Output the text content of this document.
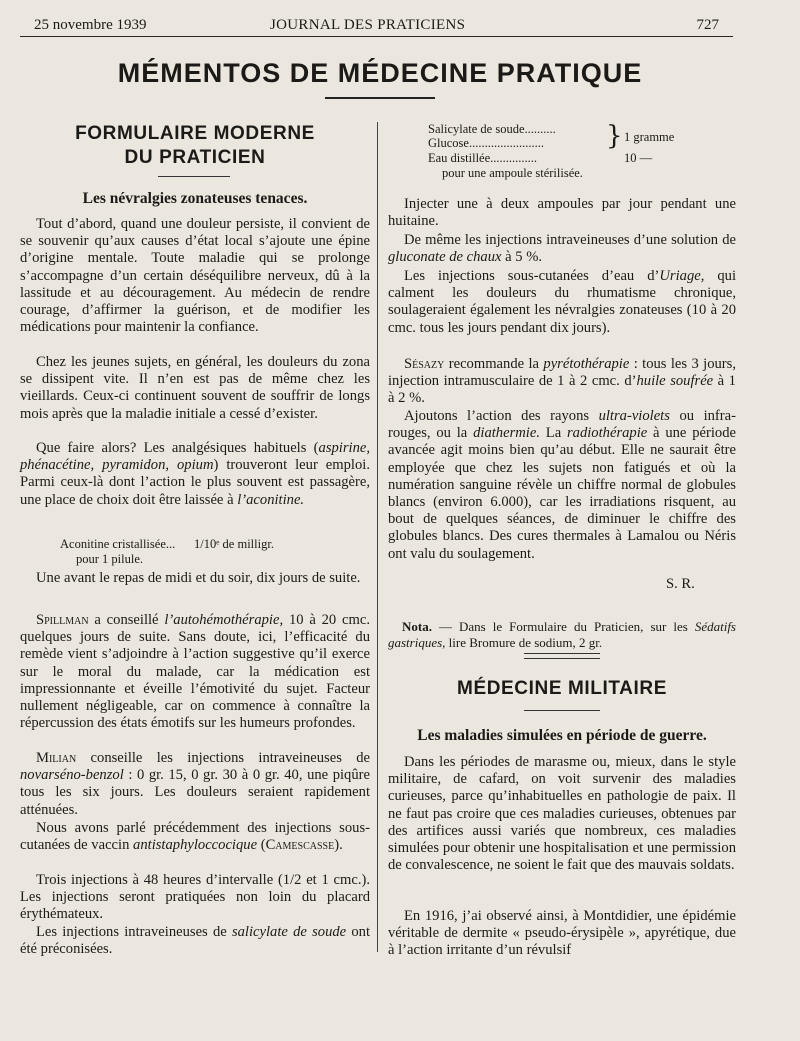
25 novembre 1939	JOURNAL DES PRATICIENS	727
MÉMENTOS DE MÉDECINE PRATIQUE
FORMULAIRE MODERNE
DU PRATICIEN
Les névralgies zonateuses tenaces.

Tout d’abord, quand une douleur persiste, il convient de se souvenir qu’aux causes d’état local s’ajoute une épine d’origine mentale. Toute maladie qui se prolonge s’accompagne d’un certain déséquilibre nerveux, dû à la lassitude et au découragement. Au médecin de rendre courage, d’affirmer la guérison, et de modifier les médications pour maintenir la confiance.

Chez les jeunes sujets, en général, les douleurs du zona se dissipent vite. Il n’en est pas de même chez les vieillards. Ceux-ci continuent souvent de souffrir de longs mois après que la maladie initiale a cessé d’exister.

Que faire alors? Les analgésiques habituels (aspirine, phénacétine, pyramidon, opium) trouveront leur emploi. Parmi ceux-là dont l’action le plus souvent est passagère, une place de choix doit être laissée à l’aconitine.

Aconitine cristallisée... 1/10ᵉ de milligr.
pour 1 pilule.

Une avant le repas de midi et du soir, dix jours de suite.

Spillman a conseillé l’autohémothérapie, 10 à 20 cmc. quelques jours de suite. Sans doute, ici, l’efficacité du remède vient s’adjoindre à l’action suggestive qu’il exerce sur le moral du malade, car la médication est impressionnante et éveille l’émotivité du sujet. Facteur nullement négligeable, car on commence à connaître la répercussion des états émotifs sur les humeurs profondes.

Milian conseille les injections intraveineuses de novarséno-benzol : 0 gr. 15, 0 gr. 30 à 0 gr. 40, une piqûre tous les six jours. Les douleurs seraient rapidement atténuées.

Nous avons parlé précédemment des injections sous-cutanées de vaccin antistaphyloccocique (Camescasse).

Trois injections à 48 heures d’intervalle (1/2 et 1 cmc.). Les injections seront pratiquées non loin du placard érythémateux.

Les injections intraveineuses de salicylate de soude ont été préconisées.

Salicylate de soude..........
Glucose........................
Eau distillée...............
} 1 gramme
10 —
pour une ampoule stérilisée.

Injecter une à deux ampoules par jour pendant une huitaine.

De même les injections intraveineuses d’une solution de gluconate de chaux à 5 %.

Les injections sous-cutanées d’eau d’Uriage, qui calment les douleurs du rhumatisme chronique, soulageraient également les névralgies zonateuses (10 à 20 cmc. tous les jours pendant dix jours).

Sésazy recommande la pyrétothérapie : tous les 3 jours, injection intramusculaire de 1 à 2 cmc. d’huile soufrée à 1 à 2 %.

Ajoutons l’action des rayons ultra-violets ou infra-rouges, ou la diathermie. La radiothérapie à une période avancée agit moins bien qu’au début. Elle ne saurait être employée que chez les sujets non fatigués et où la numération sanguine révèle un chiffre normal de globules blancs (environ 6.000), car les irradiations risquent, au bout de quelques séances, de diminuer le chiffre des globules blancs. Des cures thermales à Lamalou ou Néris ont valu du soulagement.

S. R.

Nota. — Dans le Formulaire du Praticien, sur les Sédatifs gastriques, lire Bromure de sodium, 2 gr.

MÉDECINE MILITAIRE
Les maladies simulées en période de guerre.

Dans les périodes de marasme ou, mieux, dans le style militaire, de cafard, on voit survenir des maladies curieuses, parce qu’inhabituelles en pathologie de paix. Il ne faut pas croire que ces maladies curieuses, obtenues par des artifices aussi variés que nombreux, ces maladies simulées pour obtenir une hospitalisation et une permission de convalescence, ne soient le fait que des mauvais soldats.

En 1916, j’ai observé ainsi, à Montdidier, une épidémie véritable de dermite « pseudo-érysipèle », apyrétique, due à l’action irritante d’un révulsif
